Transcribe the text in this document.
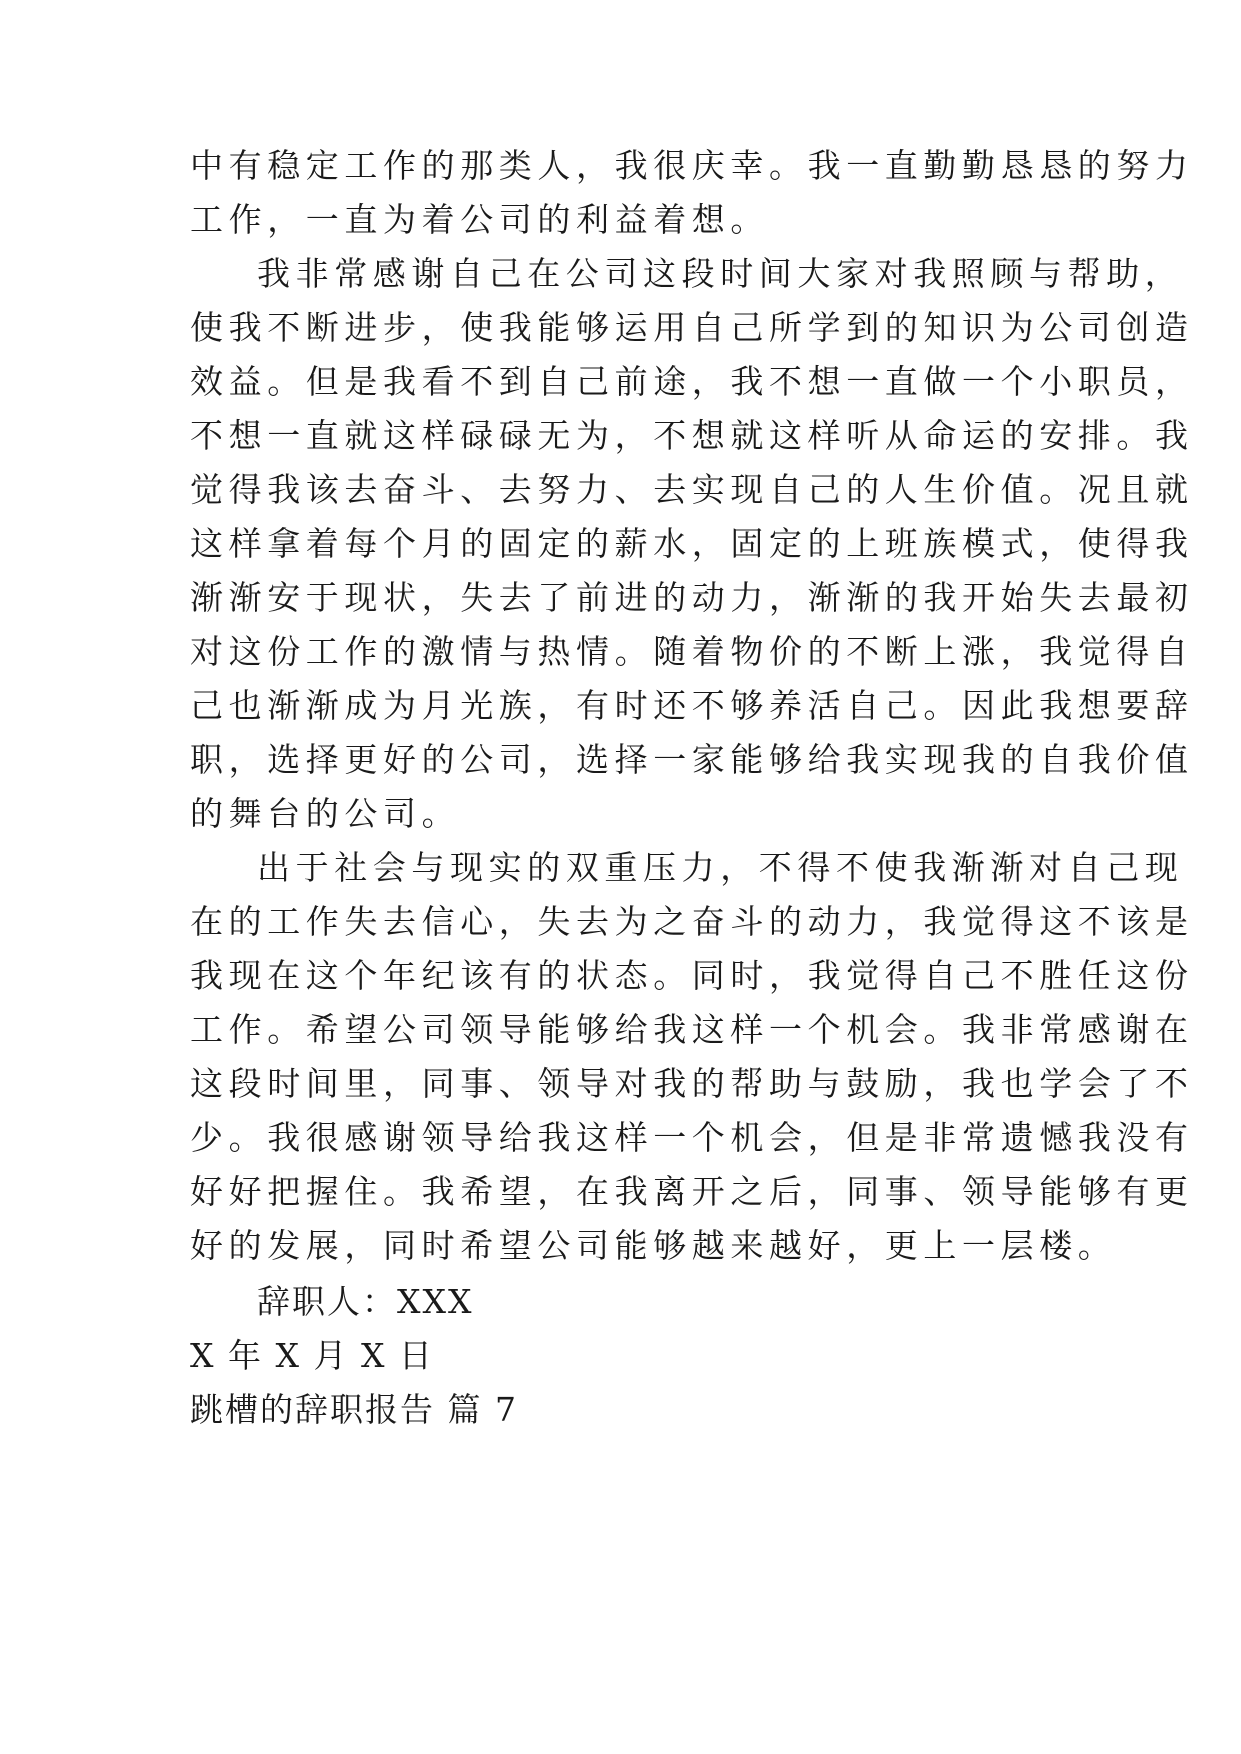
中有稳定工作的那类人，我很庆幸。我一直勤勤恳恳的努力
工作，一直为着公司的利益着想。
我非常感谢自己在公司这段时间大家对我照顾与帮助，
使我不断进步，使我能够运用自己所学到的知识为公司创造
效益。但是我看不到自己前途，我不想一直做一个小职员，
不想一直就这样碌碌无为，不想就这样听从命运的安排。我
觉得我该去奋斗、去努力、去实现自己的人生价值。况且就
这样拿着每个月的固定的薪水，固定的上班族模式，使得我
渐渐安于现状，失去了前进的动力，渐渐的我开始失去最初
对这份工作的激情与热情。随着物价的不断上涨，我觉得自
己也渐渐成为月光族，有时还不够养活自己。因此我想要辞
职，选择更好的公司，选择一家能够给我实现我的自我价值
的舞台的公司。
出于社会与现实的双重压力，不得不使我渐渐对自己现
在的工作失去信心，失去为之奋斗的动力，我觉得这不该是
我现在这个年纪该有的状态。同时，我觉得自己不胜任这份
工作。希望公司领导能够给我这样一个机会。我非常感谢在
这段时间里，同事、领导对我的帮助与鼓励，我也学会了不
少。我很感谢领导给我这样一个机会，但是非常遗憾我没有
好好把握住。我希望，在我离开之后，同事、领导能够有更
好的发展，同时希望公司能够越来越好，更上一层楼。
辞职人：XXX
X 年 X 月 X 日
跳槽的辞职报告 篇 7
